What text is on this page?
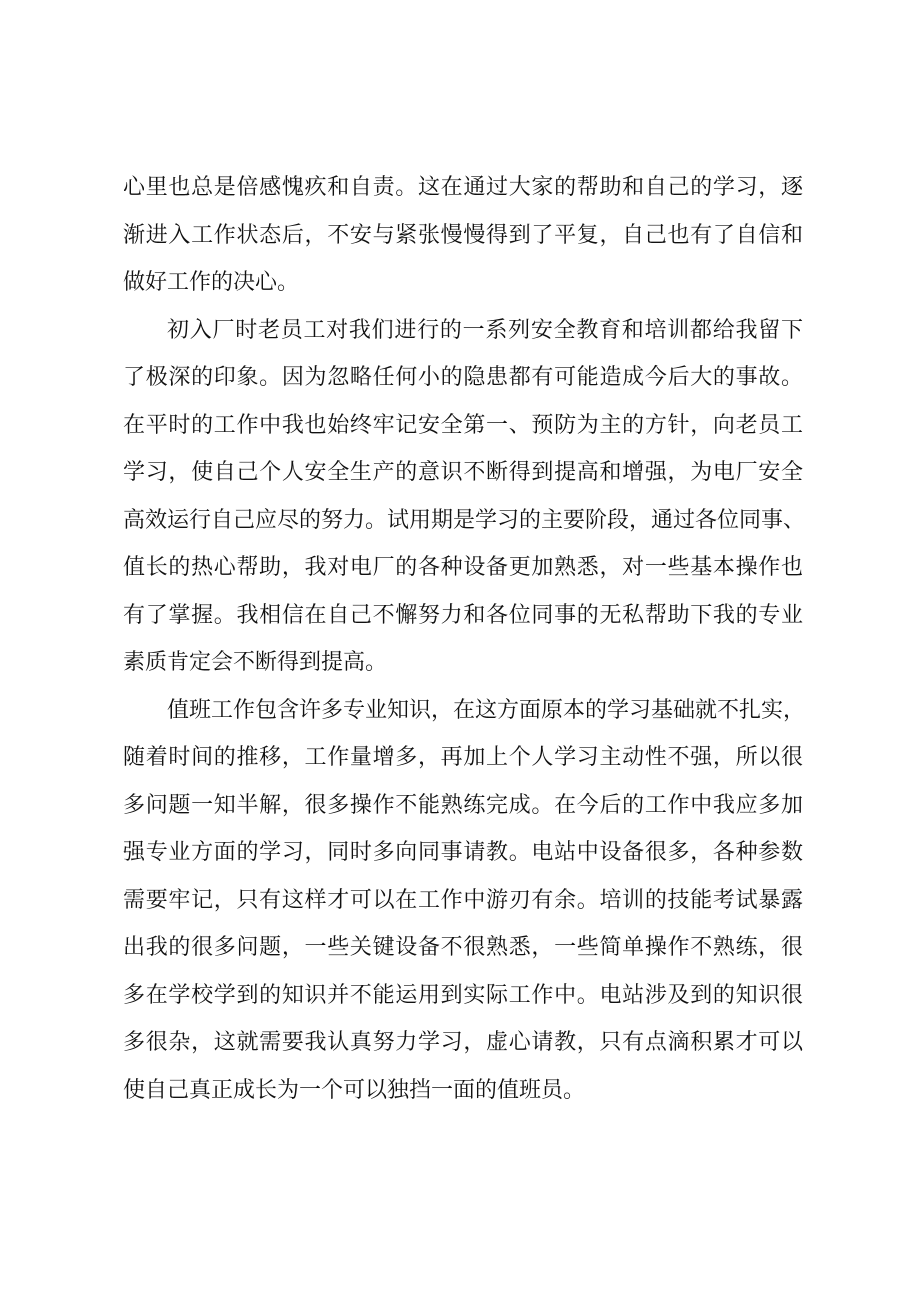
心里也总是倍感愧疚和自责。这在通过大家的帮助和自己的学习，逐
渐进入工作状态后，不安与紧张慢慢得到了平复，自己也有了自信和
做好工作的决心。
初入厂时老员工对我们进行的一系列安全教育和培训都给我留下
了极深的印象。因为忽略任何小的隐患都有可能造成今后大的事故。
在平时的工作中我也始终牢记安全第一、预防为主的方针，向老员工
学习，使自己个人安全生产的意识不断得到提高和增强，为电厂安全
高效运行自己应尽的努力。试用期是学习的主要阶段，通过各位同事、
值长的热心帮助，我对电厂的各种设备更加熟悉，对一些基本操作也
有了掌握。我相信在自己不懈努力和各位同事的无私帮助下我的专业
素质肯定会不断得到提高。
值班工作包含许多专业知识，在这方面原本的学习基础就不扎实，
随着时间的推移，工作量增多，再加上个人学习主动性不强，所以很
多问题一知半解，很多操作不能熟练完成。在今后的工作中我应多加
强专业方面的学习，同时多向同事请教。电站中设备很多，各种参数
需要牢记，只有这样才可以在工作中游刃有余。培训的技能考试暴露
出我的很多问题，一些关键设备不很熟悉，一些简单操作不熟练，很
多在学校学到的知识并不能运用到实际工作中。电站涉及到的知识很
多很杂，这就需要我认真努力学习，虚心请教，只有点滴积累才可以
使自己真正成长为一个可以独挡一面的值班员。
